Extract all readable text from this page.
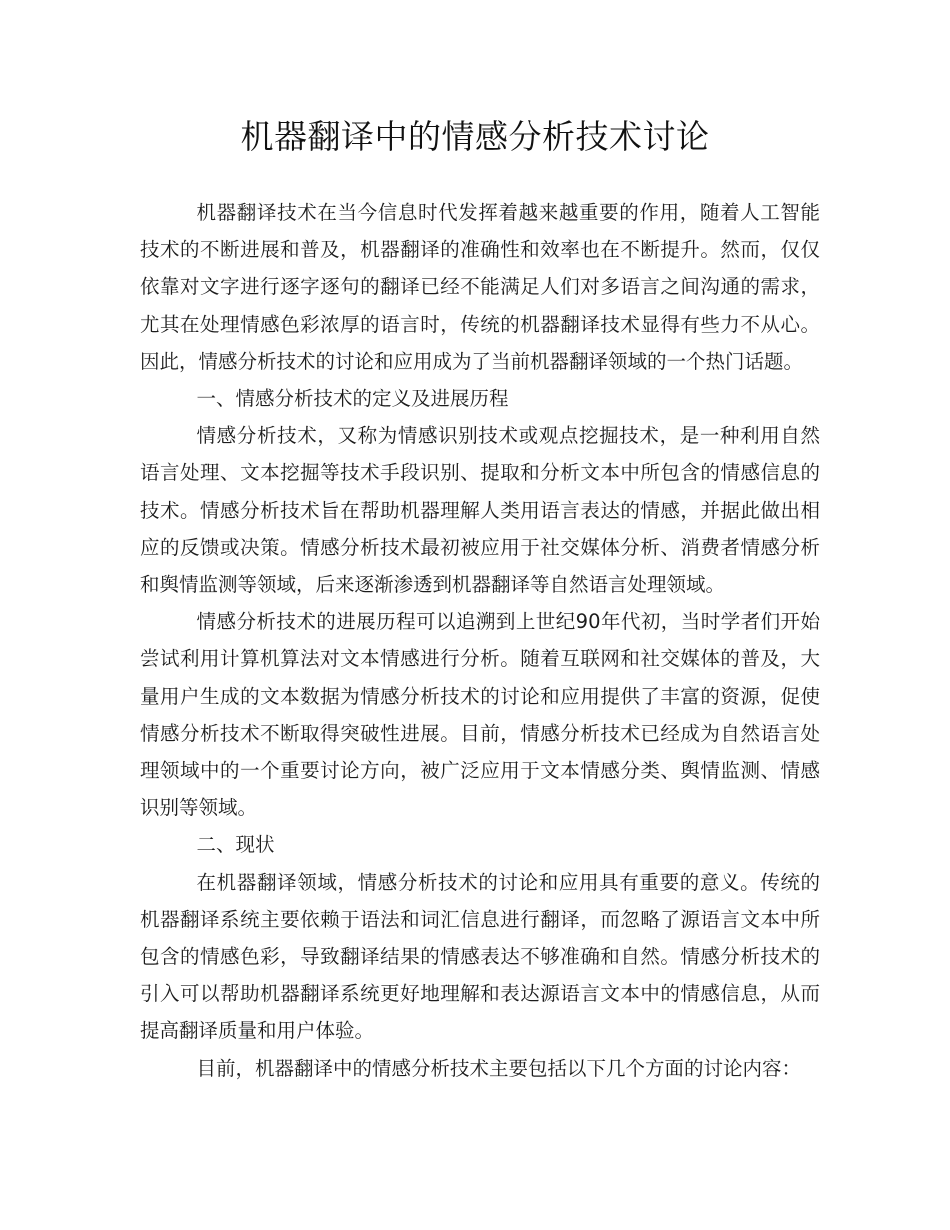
机器翻译中的情感分析技术讨论

机器翻译技术在当今信息时代发挥着越来越重要的作用，随着人工智能技术的不断进展和普及，机器翻译的准确性和效率也在不断提升。然而，仅仅依靠对文字进行逐字逐句的翻译已经不能满足人们对多语言之间沟通的需求，尤其在处理情感色彩浓厚的语言时，传统的机器翻译技术显得有些力不从心。因此，情感分析技术的讨论和应用成为了当前机器翻译领域的一个热门话题。

一、情感分析技术的定义及进展历程

情感分析技术，又称为情感识别技术或观点挖掘技术，是一种利用自然语言处理、文本挖掘等技术手段识别、提取和分析文本中所包含的情感信息的技术。情感分析技术旨在帮助机器理解人类用语言表达的情感，并据此做出相应的反馈或决策。情感分析技术最初被应用于社交媒体分析、消费者情感分析和舆情监测等领域，后来逐渐渗透到机器翻译等自然语言处理领域。

情感分析技术的进展历程可以追溯到上世纪90年代初，当时学者们开始尝试利用计算机算法对文本情感进行分析。随着互联网和社交媒体的普及，大量用户生成的文本数据为情感分析技术的讨论和应用提供了丰富的资源，促使情感分析技术不断取得突破性进展。目前，情感分析技术已经成为自然语言处理领域中的一个重要讨论方向，被广泛应用于文本情感分类、舆情监测、情感识别等领域。

二、现状

在机器翻译领域，情感分析技术的讨论和应用具有重要的意义。传统的机器翻译系统主要依赖于语法和词汇信息进行翻译，而忽略了源语言文本中所包含的情感色彩，导致翻译结果的情感表达不够准确和自然。情感分析技术的引入可以帮助机器翻译系统更好地理解和表达源语言文本中的情感信息，从而提高翻译质量和用户体验。

目前，机器翻译中的情感分析技术主要包括以下几个方面的讨论内容：
